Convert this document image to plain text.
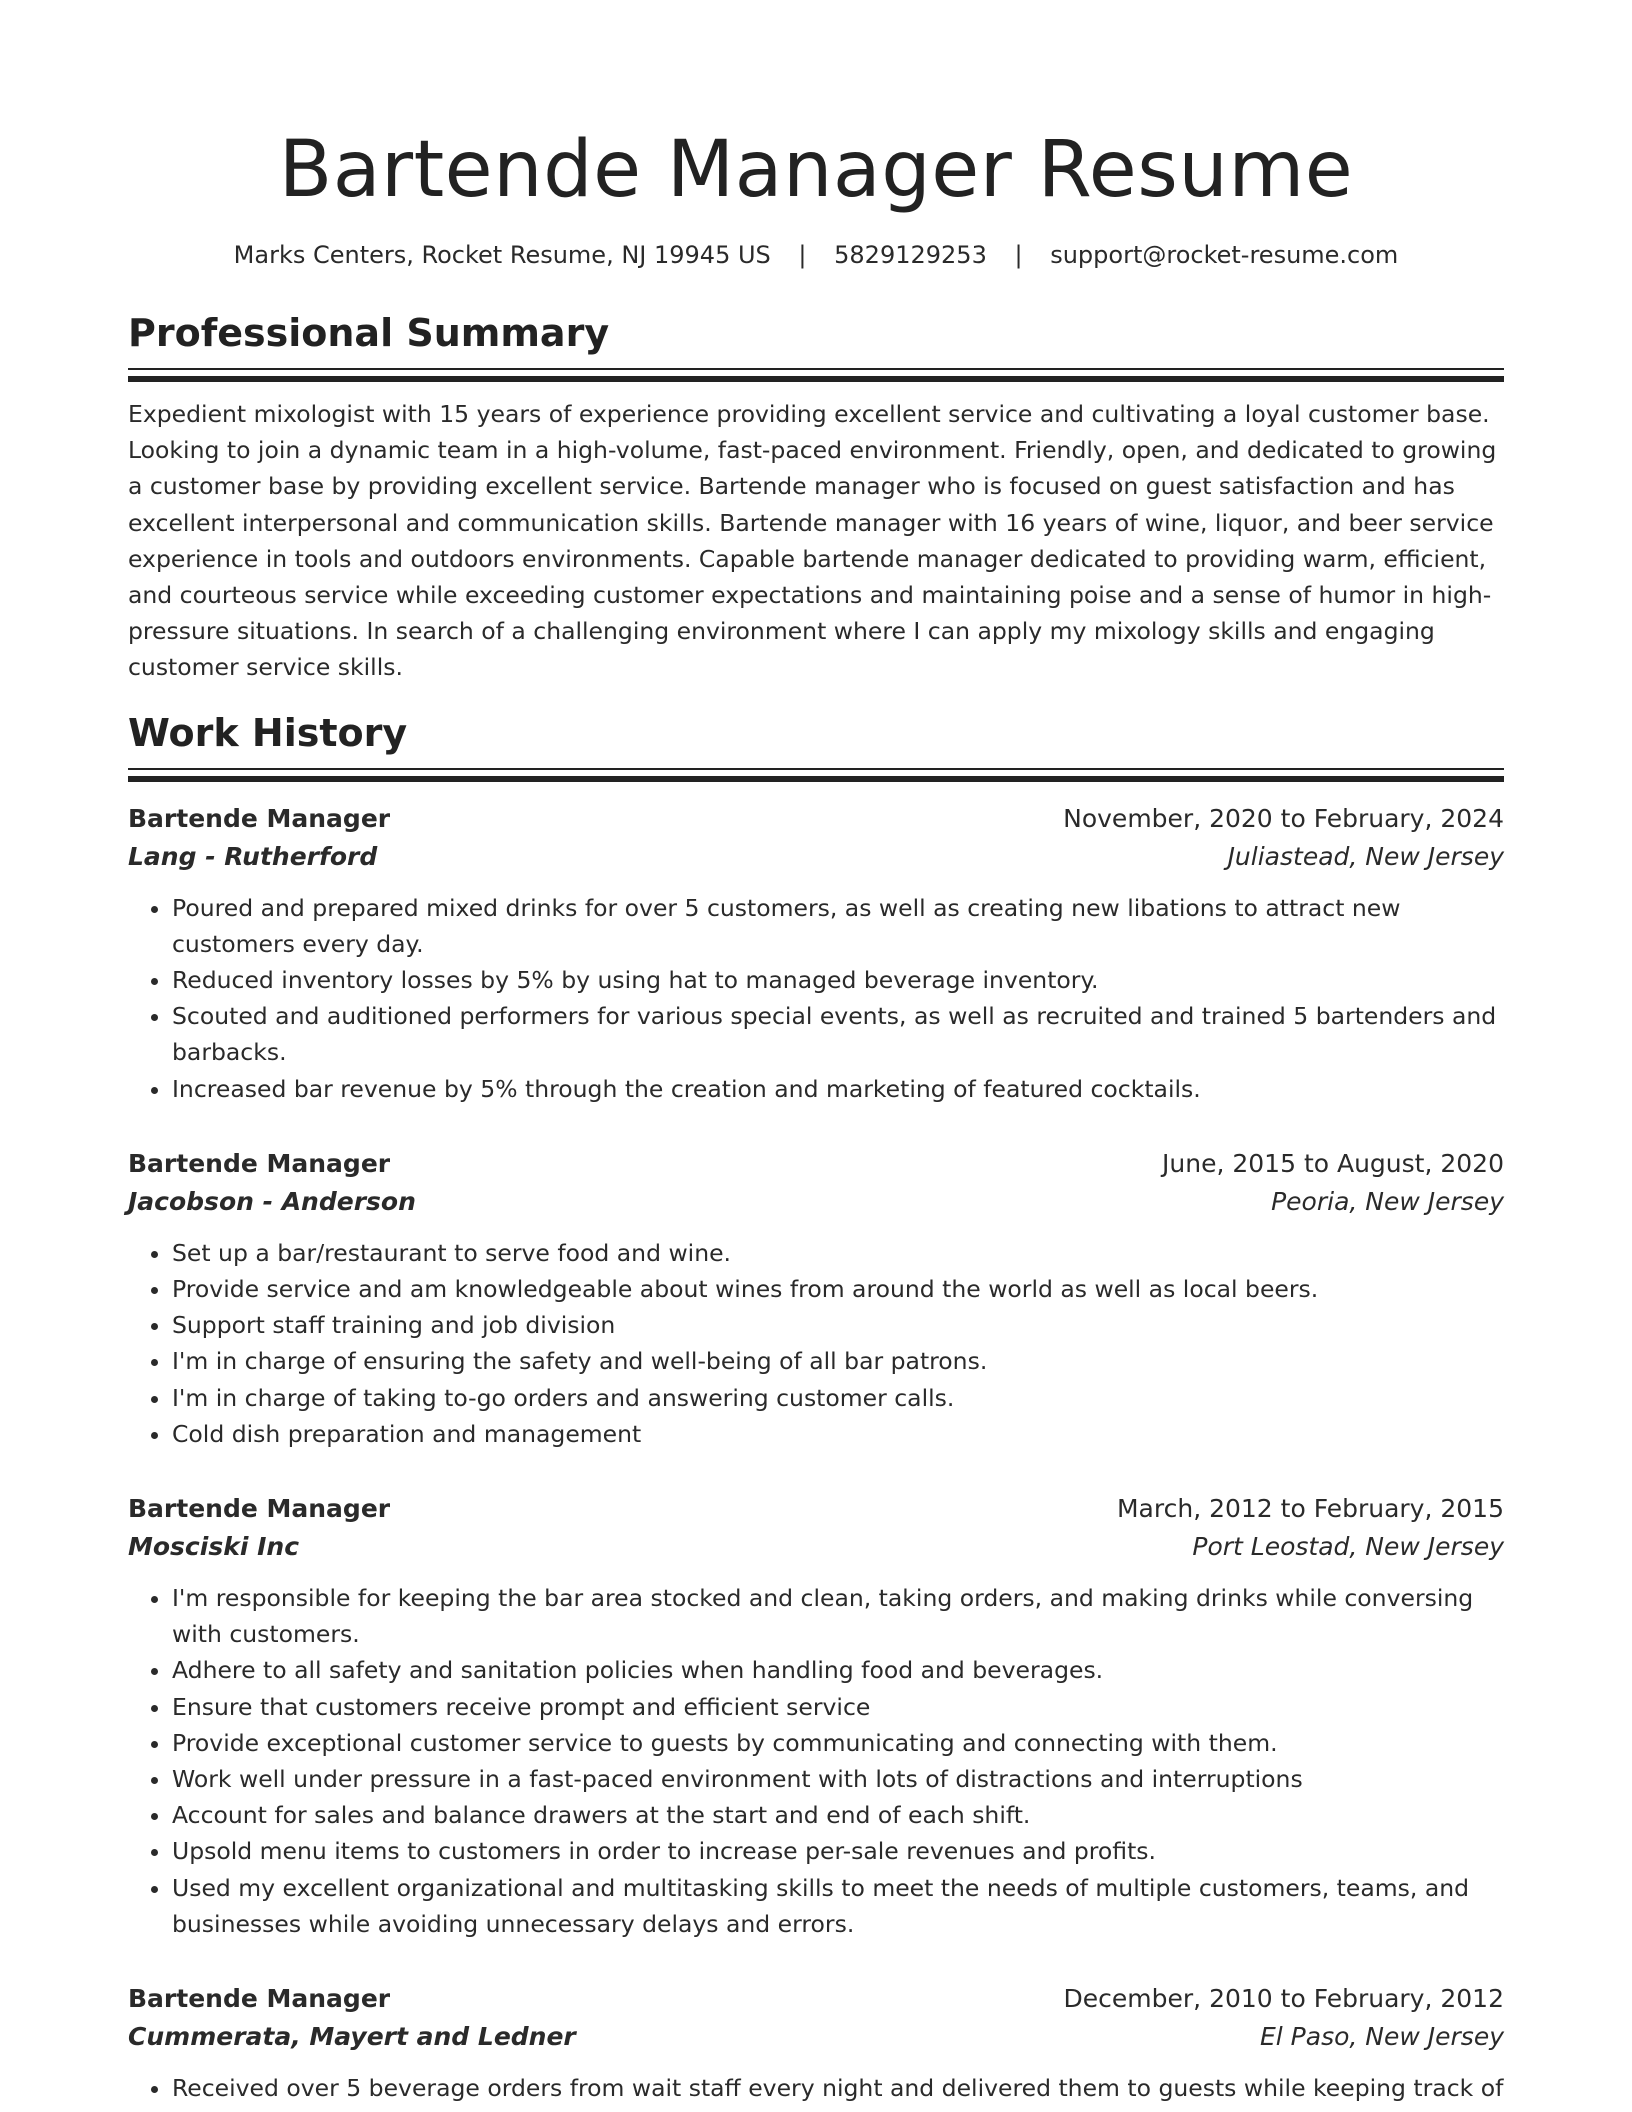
Bartende Manager Resume
Marks Centers, Rocket Resume, NJ 19945 US | 5829129253 | support@rocket-resume.com
Professional Summary
Expedient mixologist with 15 years of experience providing excellent service and cultivating a loyal customer base. Looking to join a dynamic team in a high-volume, fast-paced environment. Friendly, open, and dedicated to growing a customer base by providing excellent service. Bartende manager who is focused on guest satisfaction and has excellent interpersonal and communication skills. Bartende manager with 16 years of wine, liquor, and beer service experience in tools and outdoors environments. Capable bartende manager dedicated to providing warm, efficient, and courteous service while exceeding customer expectations and maintaining poise and a sense of humor in high-pressure situations. In search of a challenging environment where I can apply my mixology skills and engaging customer service skills.
Work History
Bartende Manager	November, 2020 to February, 2024
Lang - Rutherford	Juliastead, New Jersey
• Poured and prepared mixed drinks for over 5 customers, as well as creating new libations to attract new customers every day.
• Reduced inventory losses by 5% by using hat to managed beverage inventory.
• Scouted and auditioned performers for various special events, as well as recruited and trained 5 bartenders and barbacks.
• Increased bar revenue by 5% through the creation and marketing of featured cocktails.
Bartende Manager	June, 2015 to August, 2020
Jacobson - Anderson	Peoria, New Jersey
• Set up a bar/restaurant to serve food and wine.
• Provide service and am knowledgeable about wines from around the world as well as local beers.
• Support staff training and job division
• I'm in charge of ensuring the safety and well-being of all bar patrons.
• I'm in charge of taking to-go orders and answering customer calls.
• Cold dish preparation and management
Bartende Manager	March, 2012 to February, 2015
Mosciski Inc	Port Leostad, New Jersey
• I'm responsible for keeping the bar area stocked and clean, taking orders, and making drinks while conversing with customers.
• Adhere to all safety and sanitation policies when handling food and beverages.
• Ensure that customers receive prompt and efficient service
• Provide exceptional customer service to guests by communicating and connecting with them.
• Work well under pressure in a fast-paced environment with lots of distractions and interruptions
• Account for sales and balance drawers at the start and end of each shift.
• Upsold menu items to customers in order to increase per-sale revenues and profits.
• Used my excellent organizational and multitasking skills to meet the needs of multiple customers, teams, and businesses while avoiding unnecessary delays and errors.
Bartende Manager	December, 2010 to February, 2012
Cummerata, Mayert and Ledner	El Paso, New Jersey
• Received over 5 beverage orders from wait staff every night and delivered them to guests while keeping track of
